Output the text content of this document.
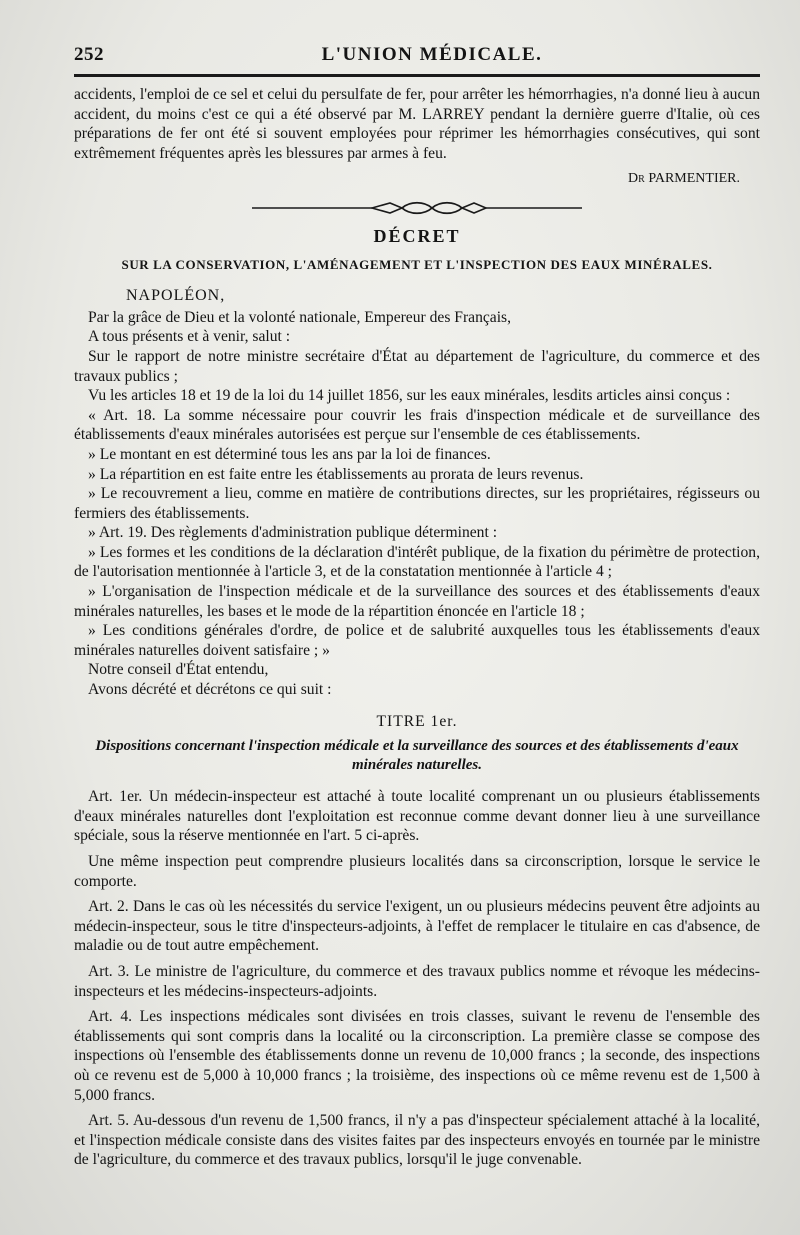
252	L'UNION MÉDICALE.

accidents, l'emploi de ce sel et celui du persulfate de fer, pour arrêter les hémorrhagies, n'a donné lieu à aucun accident, du moins c'est ce qui a été observé par M. LARREY pendant la dernière guerre d'Italie, où ces préparations de fer ont été si souvent employées pour réprimer les hémorrhagies consécutives, qui sont extrêmement fréquentes après les blessures par armes à feu.

Dr PARMENTIER.
DÉCRET
SUR LA CONSERVATION, L'AMÉNAGEMENT ET L'INSPECTION DES EAUX MINÉRALES.
NAPOLÉON,

Par la grâce de Dieu et la volonté nationale, Empereur des Français,

A tous présents et à venir, salut :

Sur le rapport de notre ministre secrétaire d'État au département de l'agriculture, du commerce et des travaux publics ;

Vu les articles 18 et 19 de la loi du 14 juillet 1856, sur les eaux minérales, lesdits articles ainsi conçus :

« Art. 18. La somme nécessaire pour couvrir les frais d'inspection médicale et de surveillance des établissements d'eaux minérales autorisées est perçue sur l'ensemble de ces établissements.

» Le montant en est déterminé tous les ans par la loi de finances.

» La répartition en est faite entre les établissements au prorata de leurs revenus.

» Le recouvrement a lieu, comme en matière de contributions directes, sur les propriétaires, régisseurs ou fermiers des établissements.

» Art. 19. Des règlements d'administration publique déterminent :

» Les formes et les conditions de la déclaration d'intérêt publique, de la fixation du périmètre de protection, de l'autorisation mentionnée à l'article 3, et de la constatation mentionnée à l'article 4 ;

» L'organisation de l'inspection médicale et de la surveillance des sources et des établissements d'eaux minérales naturelles, les bases et le mode de la répartition énoncée en l'article 18 ;

» Les conditions générales d'ordre, de police et de salubrité auxquelles tous les établissements d'eaux minérales naturelles doivent satisfaire ; »

Notre conseil d'État entendu,

Avons décrété et décrétons ce qui suit :

TITRE 1er.
Dispositions concernant l'inspection médicale et la surveillance des sources et des établissements d'eaux minérales naturelles.

Art. 1er. Un médecin-inspecteur est attaché à toute localité comprenant un ou plusieurs établissements d'eaux minérales naturelles dont l'exploitation est reconnue comme devant donner lieu à une surveillance spéciale, sous la réserve mentionnée en l'art. 5 ci-après.

Une même inspection peut comprendre plusieurs localités dans sa circonscription, lorsque le service le comporte.

Art. 2. Dans le cas où les nécessités du service l'exigent, un ou plusieurs médecins peuvent être adjoints au médecin-inspecteur, sous le titre d'inspecteurs-adjoints, à l'effet de remplacer le titulaire en cas d'absence, de maladie ou de tout autre empêchement.

Art. 3. Le ministre de l'agriculture, du commerce et des travaux publics nomme et révoque les médecins-inspecteurs et les médecins-inspecteurs-adjoints.

Art. 4. Les inspections médicales sont divisées en trois classes, suivant le revenu de l'ensemble des établissements qui sont compris dans la localité ou la circonscription. La première classe se compose des inspections où l'ensemble des établissements donne un revenu de 10,000 francs ; la seconde, des inspections où ce revenu est de 5,000 à 10,000 francs ; la troisième, des inspections où ce même revenu est de 1,500 à 5,000 francs.

Art. 5. Au-dessous d'un revenu de 1,500 francs, il n'y a pas d'inspecteur spécialement attaché à la localité, et l'inspection médicale consiste dans des visites faites par des inspecteurs envoyés en tournée par le ministre de l'agriculture, du commerce et des travaux publics, lorsqu'il le juge convenable.
